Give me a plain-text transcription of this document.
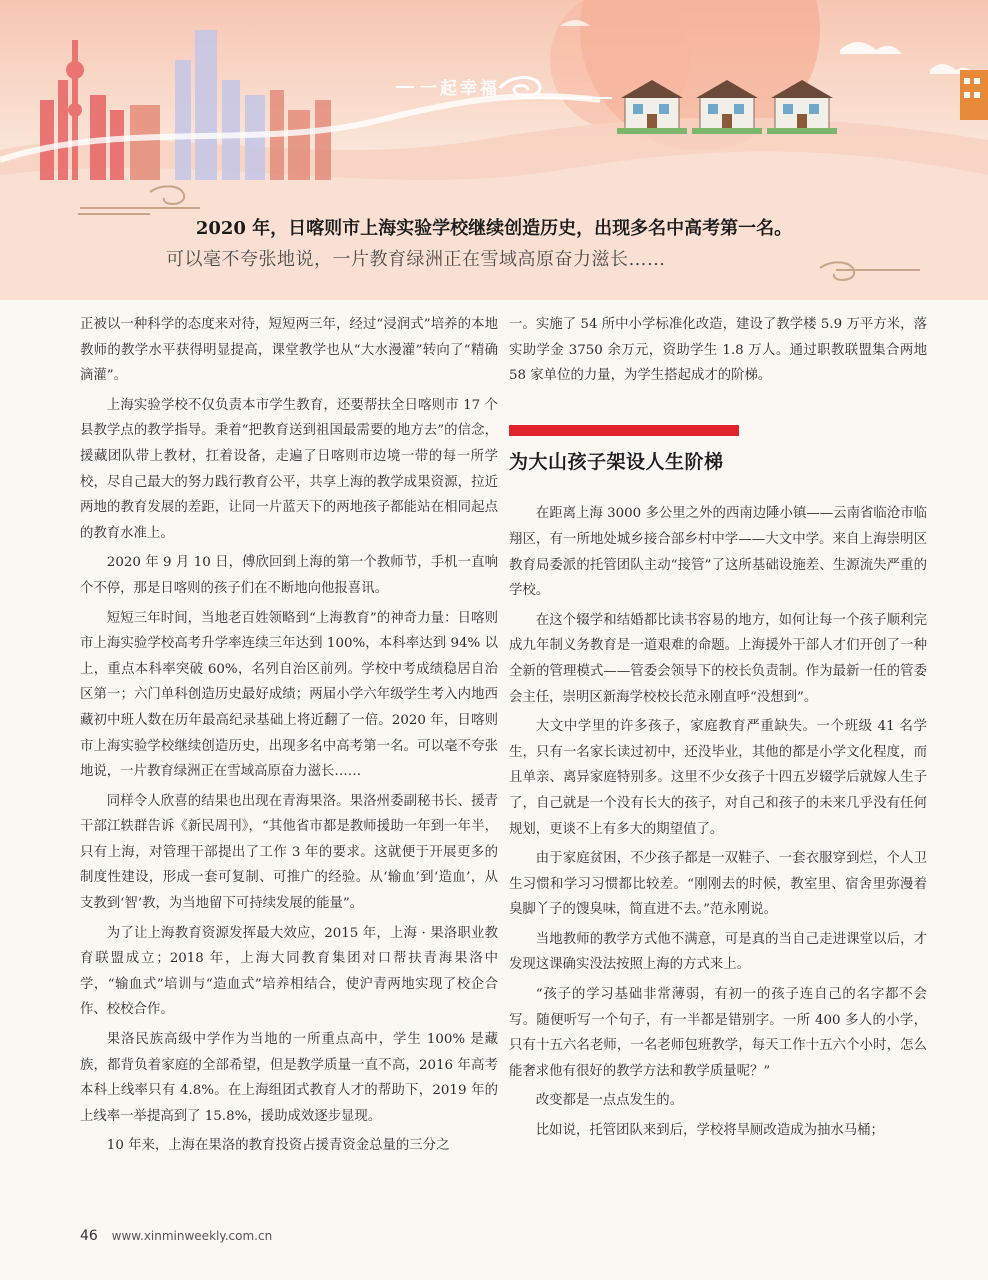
一起幸福
2020 年，日喀则市上海实验学校继续创造历史，出现多名中高考第一名。
可以毫不夸张地说，一片教育绿洲正在雪域高原奋力滋长……

正被以一种科学的态度来对待，短短两三年，经过“浸润式”培养的本地教师的教学水平获得明显提高，课堂教学也从“大水漫灌”转向了“精确滴灌”。

上海实验学校不仅负责本市学生教育，还要帮扶全日喀则市 17 个县教学点的教学指导。秉着“把教育送到祖国最需要的地方去”的信念，援藏团队带上教材，扛着设备，走遍了日喀则市边境一带的每一所学校，尽自己最大的努力践行教育公平，共享上海的教学成果资源，拉近两地的教育发展的差距，让同一片蓝天下的两地孩子都能站在相同起点的教育水准上。

2020 年 9 月 10 日，傅欣回到上海的第一个教师节，手机一直响个不停，那是日喀则的孩子们在不断地向他报喜讯。

短短三年时间，当地老百姓领略到“上海教育”的神奇力量：日喀则市上海实验学校高考升学率连续三年达到 100%，本科率达到 94% 以上，重点本科率突破 60%，名列自治区前列。学校中考成绩稳居自治区第一；六门单科创造历史最好成绩；两届小学六年级学生考入内地西藏初中班人数在历年最高纪录基础上将近翻了一倍。2020 年，日喀则市上海实验学校继续创造历史，出现多名中高考第一名。可以毫不夸张地说，一片教育绿洲正在雪域高原奋力滋长……

同样令人欣喜的结果也出现在青海果洛。果洛州委副秘书长、援青干部江轶群告诉《新民周刊》，“其他省市都是教师援助一年到一年半，只有上海，对管理干部提出了工作 3 年的要求。这就便于开展更多的制度性建设，形成一套可复制、可推广的经验。从‘输血’到‘造血’，从支教到‘智’教，为当地留下可持续发展的能量”。

为了让上海教育资源发挥最大效应，2015 年，上海 · 果洛职业教育联盟成立；2018 年，上海大同教育集团对口帮扶青海果洛中学，“输血式”培训与“造血式”培养相结合，使沪青两地实现了校企合作、校校合作。

果洛民族高级中学作为当地的一所重点高中，学生 100% 是藏族，都背负着家庭的全部希望，但是教学质量一直不高，2016 年高考本科上线率只有 4.8%。在上海组团式教育人才的帮助下，2019 年的上线率一举提高到了 15.8%，援助成效逐步显现。

10 年来，上海在果洛的教育投资占援青资金总量的三分之

一。实施了 54 所中小学标准化改造，建设了教学楼 5.9 万平方米，落实助学金 3750 余万元，资助学生 1.8 万人。通过职教联盟集合两地 58 家单位的力量，为学生搭起成才的阶梯。

为大山孩子架设人生阶梯

在距离上海 3000 多公里之外的西南边陲小镇——云南省临沧市临翔区，有一所地处城乡接合部乡村中学——大文中学。来自上海崇明区教育局委派的托管团队主动“接管”了这所基础设施差、生源流失严重的学校。

在这个辍学和结婚都比读书容易的地方，如何让每一个孩子顺利完成九年制义务教育是一道艰难的命题。上海援外干部人才们开创了一种全新的管理模式——管委会领导下的校长负责制。作为最新一任的管委会主任，崇明区新海学校校长范永刚直呼“没想到”。

大文中学里的许多孩子，家庭教育严重缺失。一个班级 41 名学生，只有一名家长读过初中，还没毕业，其他的都是小学文化程度，而且单亲、离异家庭特别多。这里不少女孩子十四五岁辍学后就嫁人生子了，自己就是一个没有长大的孩子，对自己和孩子的未来几乎没有任何规划，更谈不上有多大的期望值了。

由于家庭贫困，不少孩子都是一双鞋子、一套衣服穿到烂，个人卫生习惯和学习习惯都比较差。“刚刚去的时候，教室里、宿舍里弥漫着臭脚丫子的馊臭味，简直进不去。”范永刚说。

当地教师的教学方式他不满意，可是真的当自己走进课堂以后，才发现这课确实没法按照上海的方式来上。

“孩子的学习基础非常薄弱，有初一的孩子连自己的名字都不会写。随便听写一个句子，有一半都是错别字。一所 400 多人的小学，只有十五六名老师，一名老师包班教学，每天工作十五六个小时，怎么能奢求他有很好的教学方法和教学质量呢？”

改变都是一点点发生的。

比如说，托管团队来到后，学校将旱厕改造成为抽水马桶；

46 www.xinminweekly.com.cn
